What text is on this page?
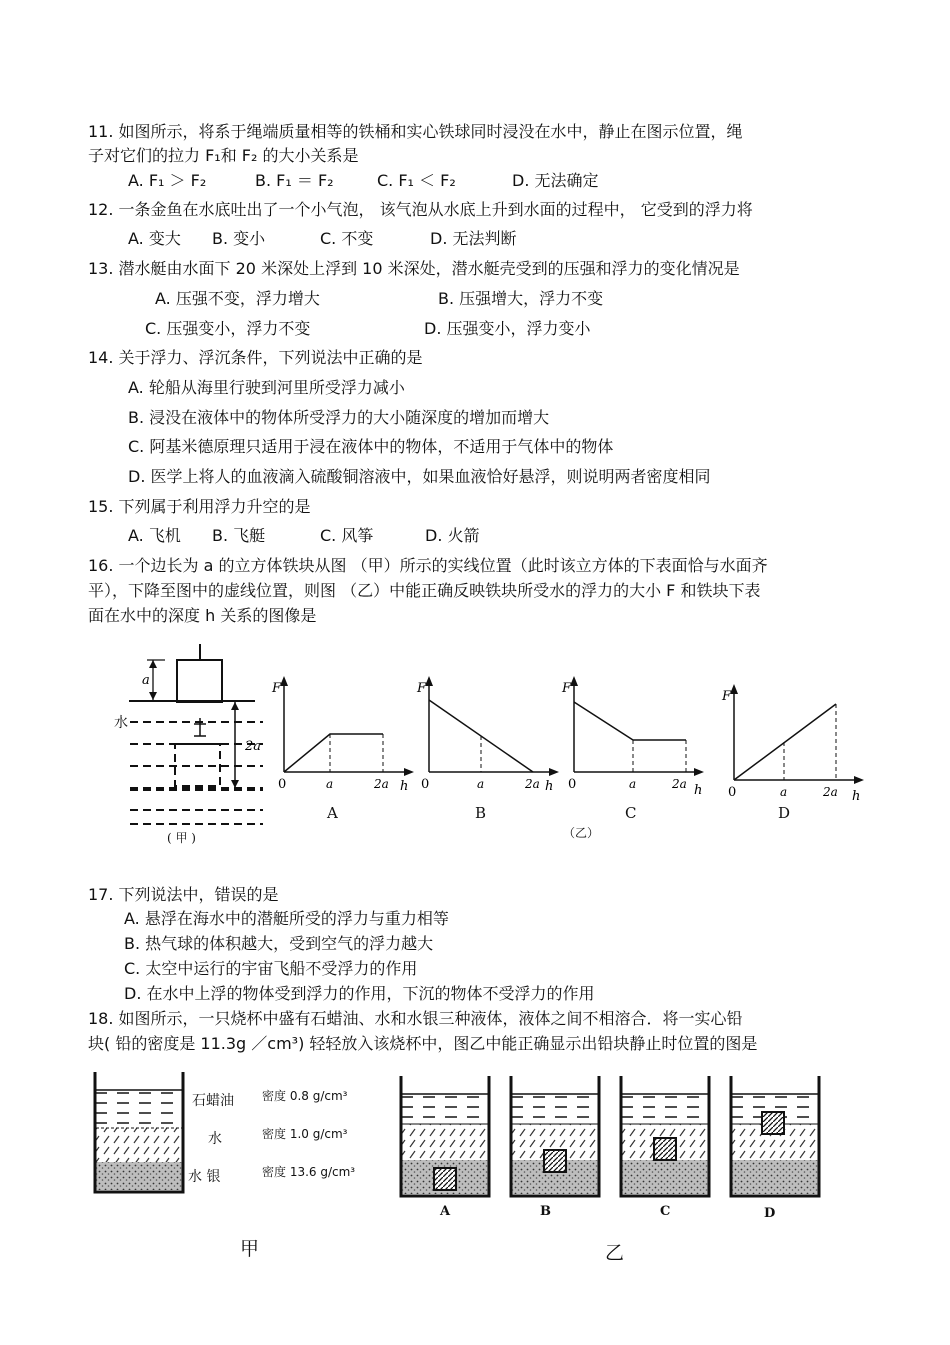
11. 如图所示，将系于绳端质量相等的铁桶和实心铁球同时浸没在水中，静止在图示位置，绳
子对它们的拉力 F₁和 F₂ 的大小关系是
A. F₁ ＞ F₂	B. F₁ ＝ F₂	C. F₁ ＜ F₂	D. 无法确定
12. 一条金鱼在水底吐出了一个小气泡， 该气泡从水底上升到水面的过程中， 它受到的浮力将
A. 变大 B. 变小	C. 不变	D. 无法判断
13. 潜水艇由水面下 20 米深处上浮到 10 米深处，潜水艇壳受到的压强和浮力的变化情况是
A. 压强不变，浮力增大	B. 压强增大，浮力不变
C. 压强变小，浮力不变	D. 压强变小，浮力变小
14. 关于浮力、浮沉条件，下列说法中正确的是
A. 轮船从海里行驶到河里所受浮力减小
B. 浸没在液体中的物体所受浮力的大小随深度的增加而增大
C. 阿基米德原理只适用于浸在液体中的物体，不适用于气体中的物体
D. 医学上将人的血液滴入硫酸铜溶液中，如果血液恰好悬浮，则说明两者密度相同
15. 下列属于利用浮力升空的是
A. 飞机 B. 飞艇	C. 风筝	D. 火箭
16. 一个边长为 a 的立方体铁块从图 （甲）所示的实线位置（此时该立方体的下表面恰与水面齐
平），下降至图中的虚线位置，则图 （乙）中能正确反映铁块所受水的浮力的大小 F 和铁块下表
面在水中的深度 h 关系的图像是
a
2a
水
( 甲 )
F
0	a	2a h
A
F
0	a	2a h
B
F
0	a	2a h
C
（乙）
F
0	a	2a h
D
17. 下列说法中，错误的是
A. 悬浮在海水中的潜艇所受的浮力与重力相等
B. 热气球的体积越大，受到空气的浮力越大
C. 太空中运行的宇宙飞船不受浮力的作用
D. 在水中上浮的物体受到浮力的作用，下沉的物体不受浮力的作用
18. 如图所示，一只烧杯中盛有石蜡油、水和水银三种液体，液体之间不相溶合．将一实心铅
块( 铅的密度是 11.3g ／cm³) 轻轻放入该烧杯中，图乙中能正确显示出铅块静止时位置的图是
石蜡油
水
水 银
密度 0.8 g/cm³
密度 1.0 g/cm³
密度 13.6 g/cm³
A	B	C	D
甲	乙
